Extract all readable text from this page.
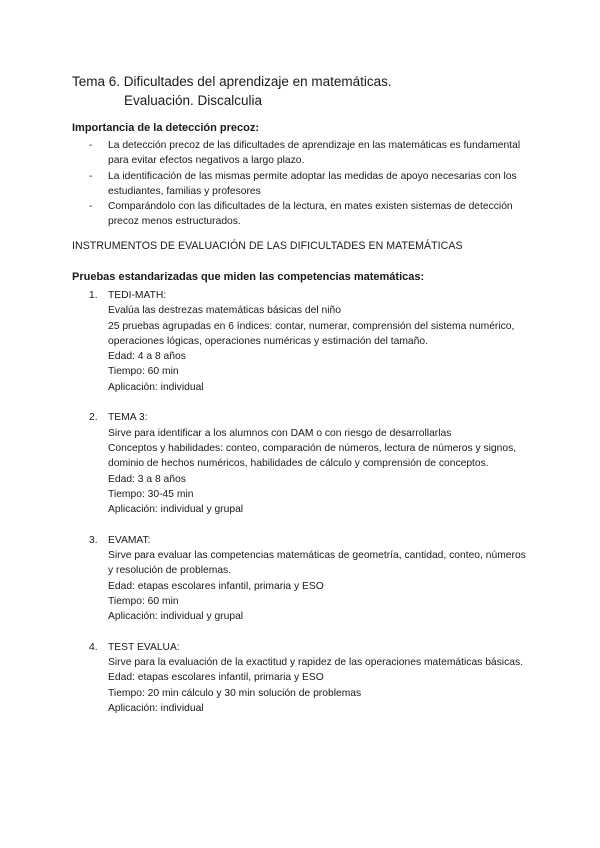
Tema 6. Dificultades del aprendizaje en matemáticas.
Evaluación. Discalculia

Importancia de la detección precoz:

- La detección precoz de las dificultades de aprendizaje en las matemáticas es fundamental para evitar efectos negativos a largo plazo.
- La identificación de las mismas permite adoptar las medidas de apoyo necesarias con los estudiantes, familias y profesores
- Comparándolo con las dificultades de la lectura, en mates existen sistemas de detección precoz menos estructurados.

INSTRUMENTOS DE EVALUACIÓN DE LAS DIFICULTADES EN MATEMÁTICAS

Pruebas estandarizadas que miden las competencias matemáticas:

1. TEDI-MATH:
Evalúa las destrezas matemáticas básicas del niño
25 pruebas agrupadas en 6 índices: contar, numerar, comprensión del sistema numérico, operaciones lógicas, operaciones numéricas y estimación del tamaño.
Edad: 4 a 8 años
Tiempo: 60 min
Aplicación: individual
2. TEMA 3:
Sirve para identificar a los alumnos con DAM o con riesgo de desarrollarlas
Conceptos y habilidades: conteo, comparación de números, lectura de números y signos, dominio de hechos numéricos, habilidades de cálculo y comprensión de conceptos.
Edad: 3 a 8 años
Tiempo: 30-45 min
Aplicación: individual y grupal
3. EVAMAT:
Sirve para evaluar las competencias matemáticas de geometría, cantidad, conteo, números y resolución de problemas.
Edad: etapas escolares infantil, primaria y ESO
Tiempo: 60 min
Aplicación: individual y grupal
4. TEST EVALUA:
Sirve para la evaluación de la exactitud y rapidez de las operaciones matemáticas básicas.
Edad: etapas escolares infantil, primaria y ESO
Tiempo: 20 min cálculo y 30 min solución de problemas
Aplicación: individual
